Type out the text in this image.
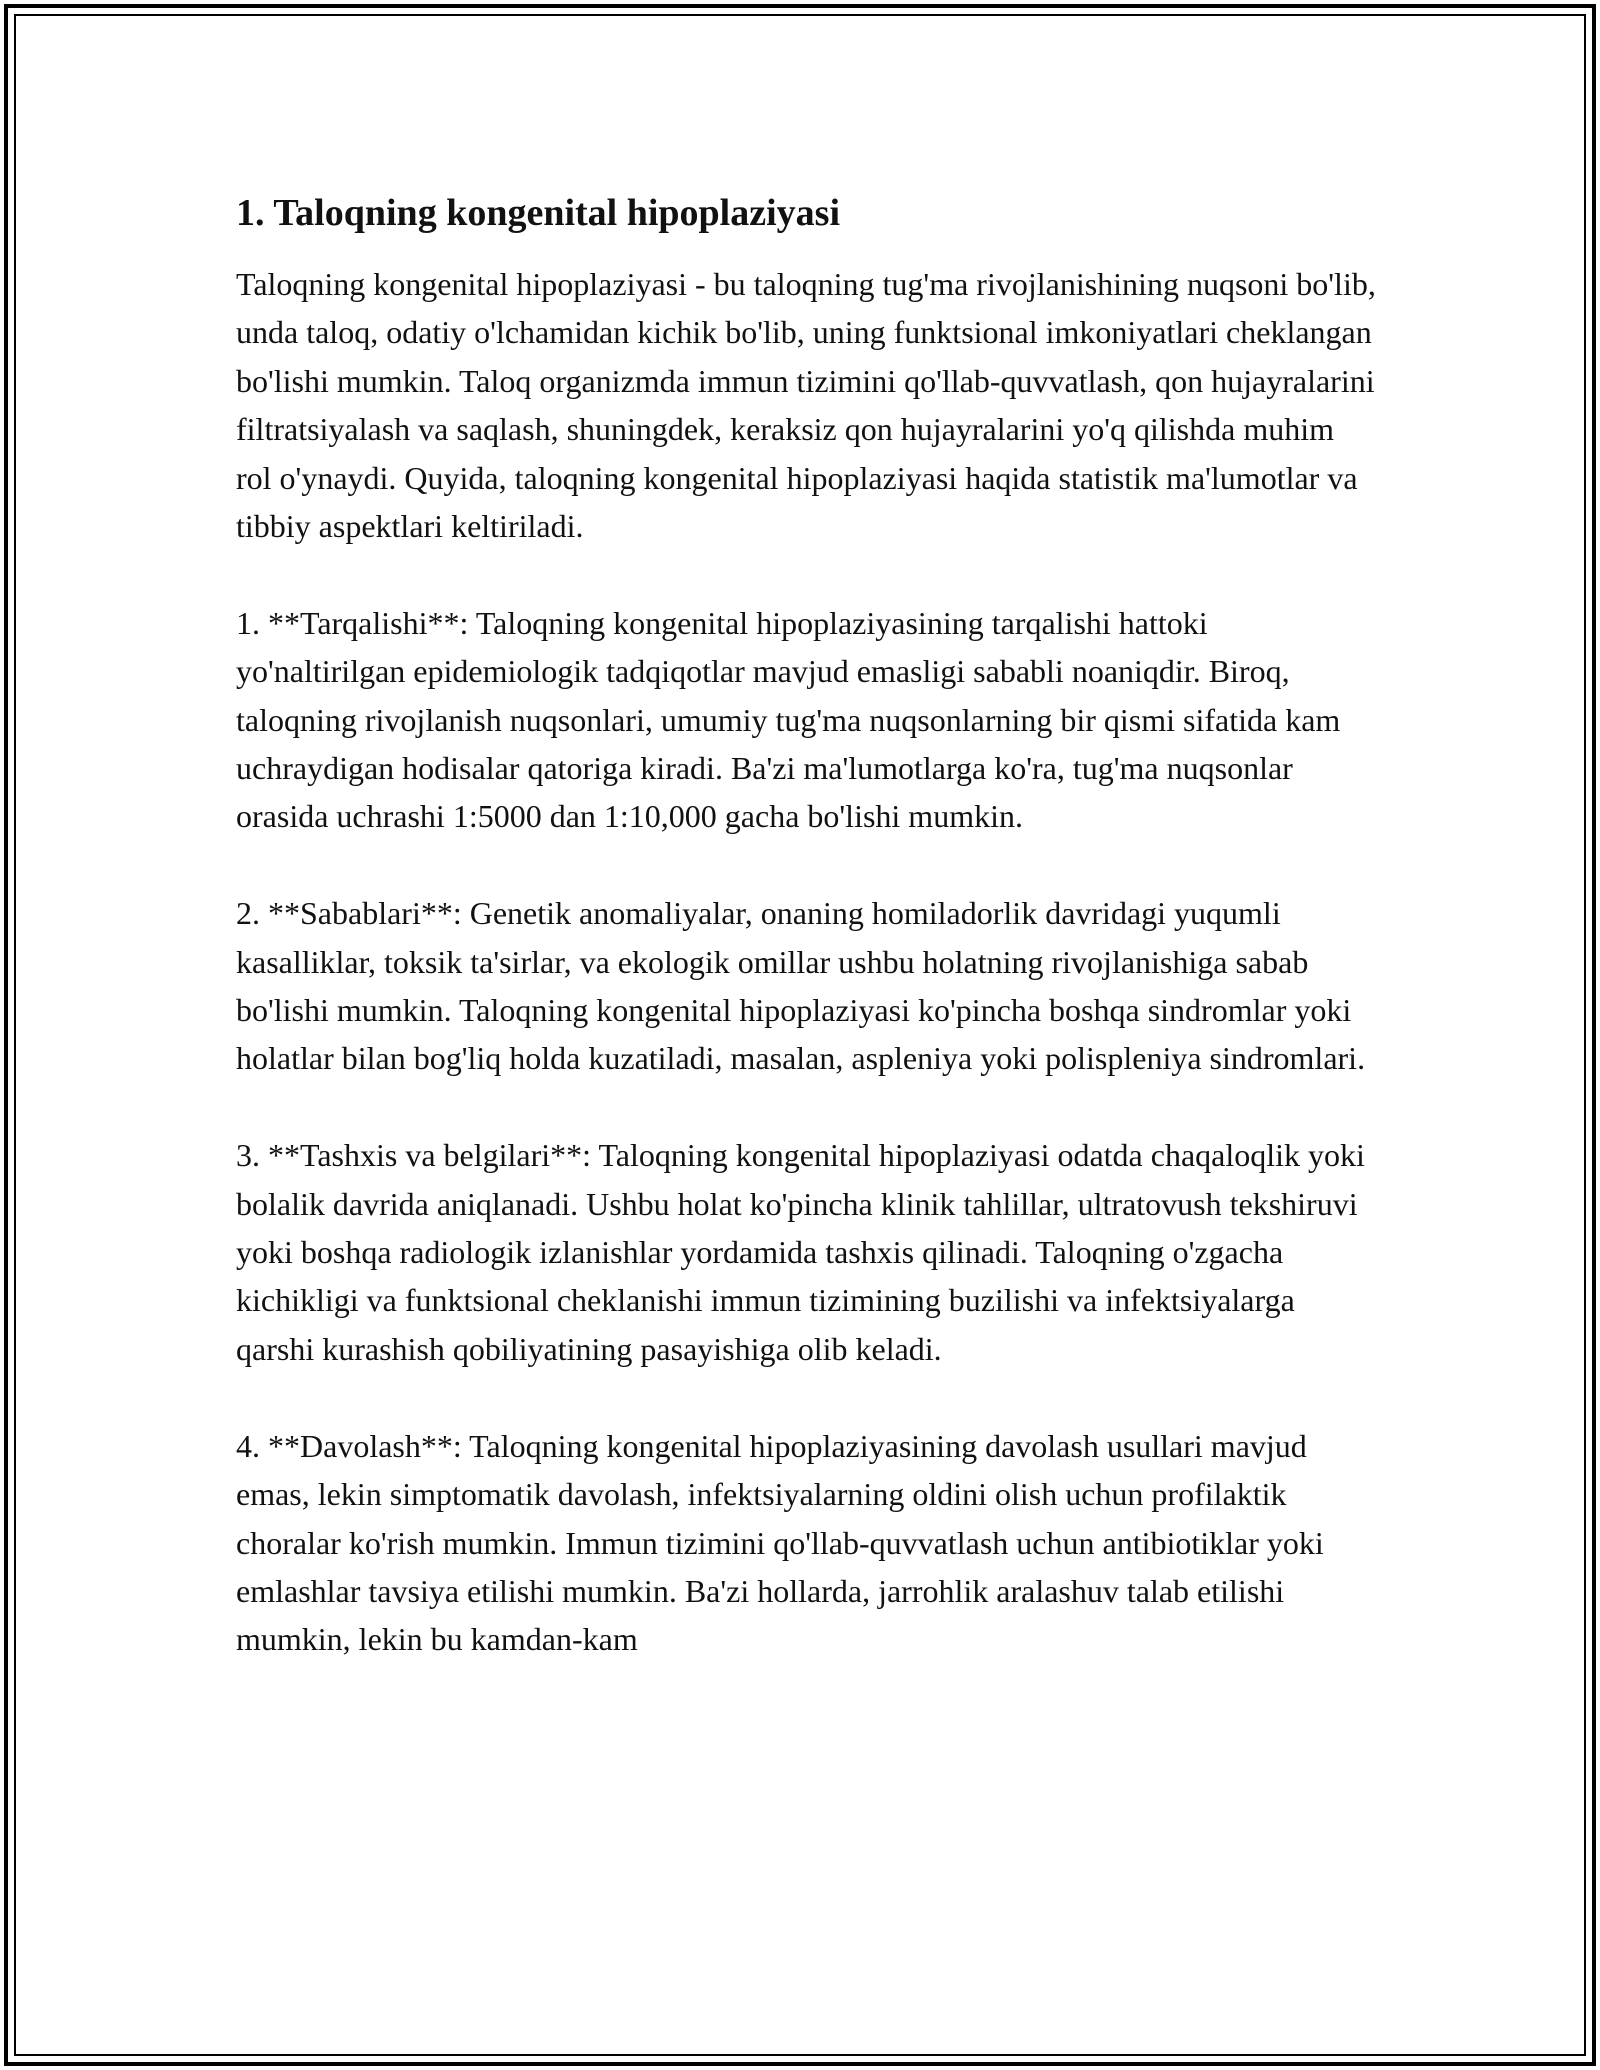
1. Taloqning kongenital hipoplaziyasi
Taloqning kongenital hipoplaziyasi - bu taloqning tug'ma rivojlanishining nuqsoni bo'lib, unda taloq, odatiy o'lchamidan kichik bo'lib, uning funktsional imkoniyatlari cheklangan bo'lishi mumkin. Taloq organizmda immun tizimini qo'llab-quvvatlash, qon hujayralarini filtratsiyalash va saqlash, shuningdek, keraksiz qon hujayralarini yo'q qilishda muhim rol o'ynaydi. Quyida, taloqning kongenital hipoplaziyasi haqida statistik ma'lumotlar va tibbiy aspektlari keltiriladi.
1. **Tarqalishi**: Taloqning kongenital hipoplaziyasining tarqalishi hattoki yo'naltirilgan epidemiologik tadqiqotlar mavjud emasligi sababli noaniqdir. Biroq, taloqning rivojlanish nuqsonlari, umumiy tug'ma nuqsonlarning bir qismi sifatida kam uchraydigan hodisalar qatoriga kiradi. Ba'zi ma'lumotlarga ko'ra, tug'ma nuqsonlar orasida uchrashi 1:5000 dan 1:10,000 gacha bo'lishi mumkin.
2. **Sabablari**: Genetik anomaliyalar, onaning homiladorlik davridagi yuqumli kasalliklar, toksik ta'sirlar, va ekologik omillar ushbu holatning rivojlanishiga sabab bo'lishi mumkin. Taloqning kongenital hipoplaziyasi ko'pincha boshqa sindromlar yoki holatlar bilan bog'liq holda kuzatiladi, masalan, aspleniya yoki polispleniya sindromlari.
3. **Tashxis va belgilari**: Taloqning kongenital hipoplaziyasi odatda chaqaloqlik yoki bolalik davrida aniqlanadi. Ushbu holat ko'pincha klinik tahlillar, ultratovush tekshiruvi yoki boshqa radiologik izlanishlar yordamida tashxis qilinadi. Taloqning o'zgacha kichikligi va funktsional cheklanishi immun tizimining buzilishi va infektsiyalarga qarshi kurashish qobiliyatining pasayishiga olib keladi.
4. **Davolash**: Taloqning kongenital hipoplaziyasining davolash usullari mavjud emas, lekin simptomatik davolash, infektsiyalarning oldini olish uchun profilaktik choralar ko'rish mumkin. Immun tizimini qo'llab-quvvatlash uchun antibiotiklar yoki emlashlar tavsiya etilishi mumkin. Ba'zi hollarda, jarrohlik aralashuv talab etilishi mumkin, lekin bu kamdan-kam
